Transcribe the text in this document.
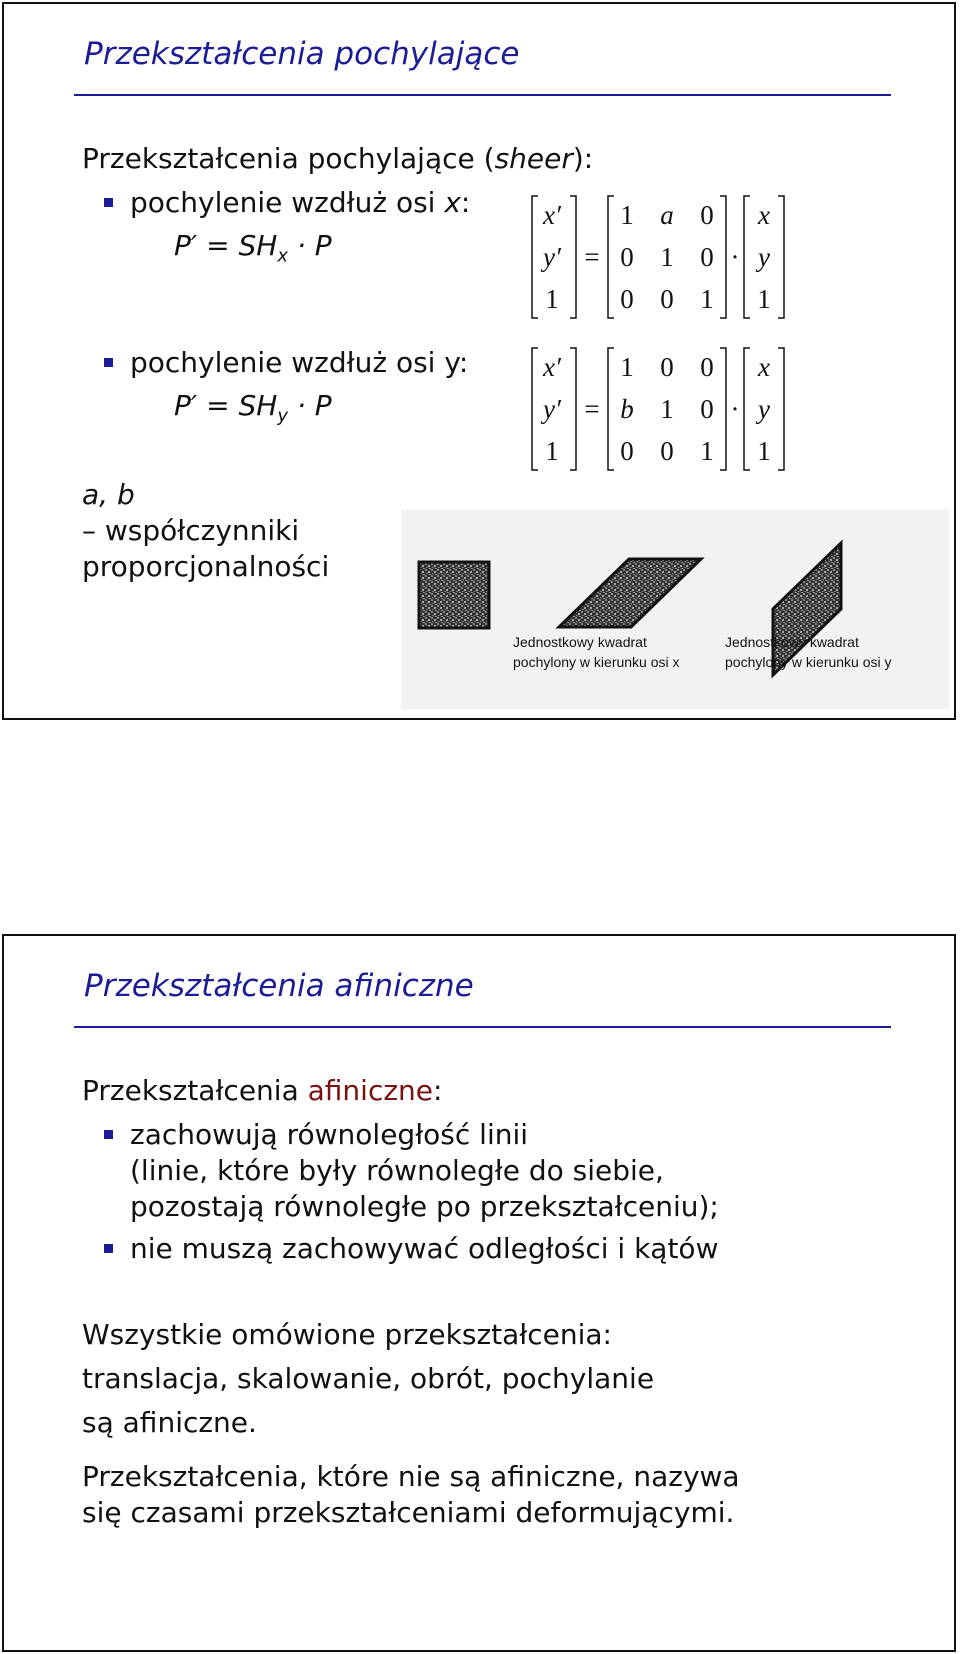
Przekształcenia pochylające
Przekształcenia pochylające (sheer):
pochylenie wzdłuż osi x:
$P' = SH_x \cdot P$
x′
y′
1
=
1 a 0
0 1 0
0 0 1
·
x
y
1
pochylenie wzdłuż osi y:
$P' = SH_y \cdot P$
x′
y′
1
=
1 0 0
b 1 0
0 0 1
·
x
y
1
a, b
– współczynniki
proporcjonalności
Jednostkowy kwadrat
pochylony w kierunku osi x
Jednostkowy kwadrat
pochylony w kierunku osi y
Przekształcenia afiniczne
Przekształcenia afiniczne:
zachowują równoległość linii
(linie, które były równoległe do siebie,
pozostają równoległe po przekształceniu);
nie muszą zachowywać odległości i kątów
Wszystkie omówione przekształcenia:
translacja, skalowanie, obrót, pochylanie
są afiniczne.
Przekształcenia, które nie są afiniczne, nazywa
się czasami przekształceniami deformującymi.
